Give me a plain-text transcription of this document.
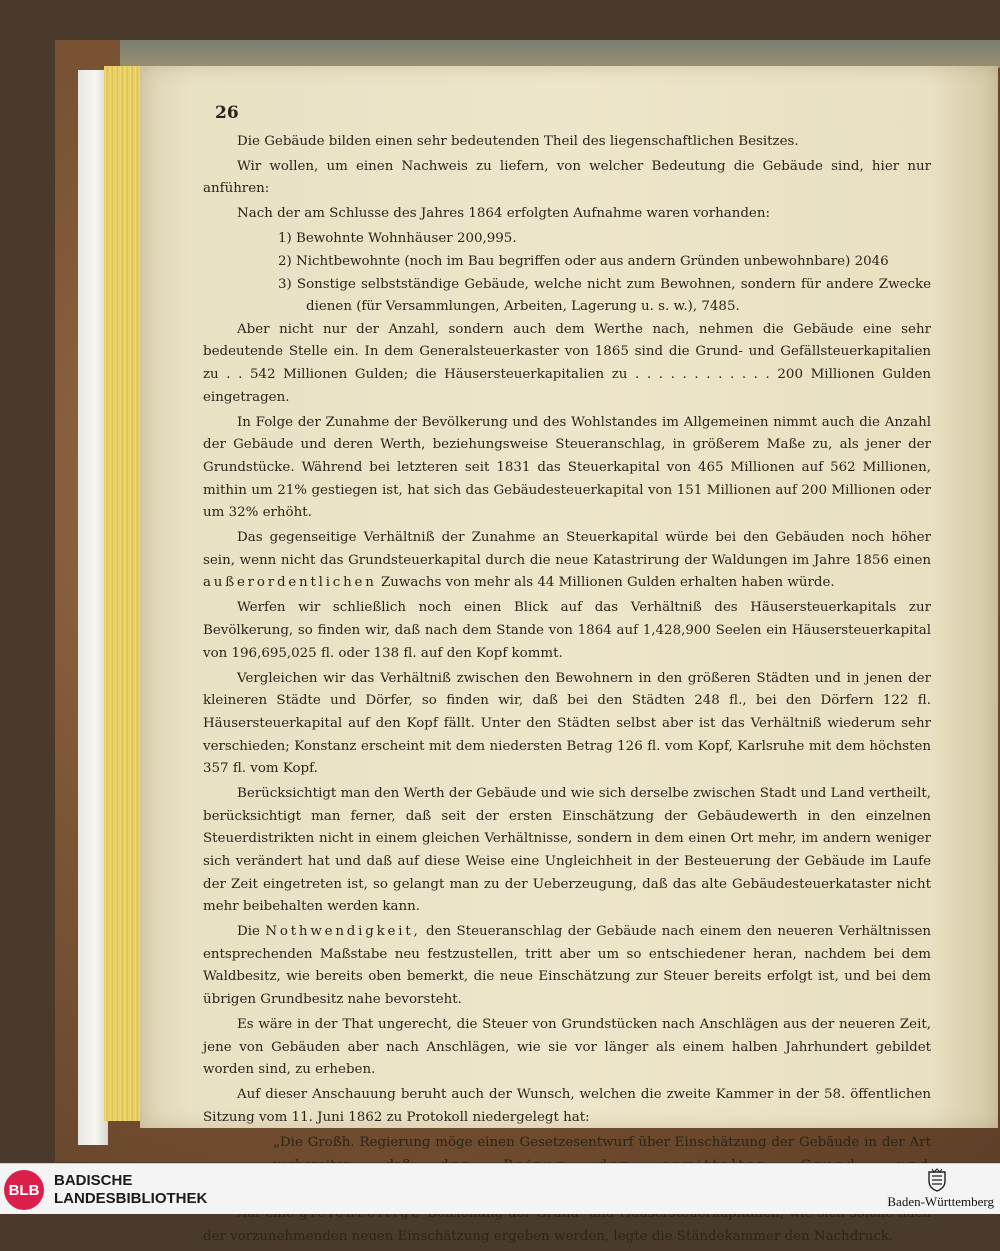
26

Die Gebäude bilden einen sehr bedeutenden Theil des liegenschaftlichen Besitzes.

Wir wollen, um einen Nachweis zu liefern, von welcher Bedeutung die Gebäude sind, hier nur anführen:

Nach der am Schlusse des Jahres 1864 erfolgten Aufnahme waren vorhanden:

1) Bewohnte Wohnhäuser 200,995.

2) Nichtbewohnte (noch im Bau begriffen oder aus andern Gründen unbewohnbare) 2046

3) Sonstige selbstständige Gebäude, welche nicht zum Bewohnen, sondern für andere Zwecke dienen (für Versammlungen, Arbeiten, Lagerung u. s. w.), 7485.

Aber nicht nur der Anzahl, sondern auch dem Werthe nach, nehmen die Gebäude eine sehr bedeutende Stelle ein. In dem Generalsteuerkaster von 1865 sind die Grund- und Gefällsteuerkapitalien zu . . 542 Millionen Gulden; die Häusersteuerkapitalien zu . . . . . . . . . . . . 200 Millionen Gulden eingetragen.

In Folge der Zunahme der Bevölkerung und des Wohlstandes im Allgemeinen nimmt auch die Anzahl der Gebäude und deren Werth, beziehungsweise Steueranschlag, in größerem Maße zu, als jener der Grundstücke. Während bei letzteren seit 1831 das Steuerkapital von 465 Millionen auf 562 Millionen, mithin um 21% gestiegen ist, hat sich das Gebäudesteuerkapital von 151 Millionen auf 200 Millionen oder um 32% erhöht.

Das gegenseitige Verhältniß der Zunahme an Steuerkapital würde bei den Gebäuden noch höher sein, wenn nicht das Grundsteuerkapital durch die neue Katastrirung der Waldungen im Jahre 1856 einen außerordentlichen Zuwachs von mehr als 44 Millionen Gulden erhalten haben würde.

Werfen wir schließlich noch einen Blick auf das Verhältniß des Häusersteuerkapitals zur Bevölkerung, so finden wir, daß nach dem Stande von 1864 auf 1,428,900 Seelen ein Häusersteuerkapital von 196,695,025 fl. oder 138 fl. auf den Kopf kommt.

Vergleichen wir das Verhältniß zwischen den Bewohnern in den größeren Städten und in jenen der kleineren Städte und Dörfer, so finden wir, daß bei den Städten 248 fl., bei den Dörfern 122 fl. Häusersteuerkapital auf den Kopf fällt. Unter den Städten selbst aber ist das Verhältniß wiederum sehr verschieden; Konstanz erscheint mit dem niedersten Betrag 126 fl. vom Kopf, Karlsruhe mit dem höchsten 357 fl. vom Kopf.

Berücksichtigt man den Werth der Gebäude und wie sich derselbe zwischen Stadt und Land vertheilt, berücksichtigt man ferner, daß seit der ersten Einschätzung der Gebäudewerth in den einzelnen Steuerdistrikten nicht in einem gleichen Verhältnisse, sondern in dem einen Ort mehr, im andern weniger sich verändert hat und daß auf diese Weise eine Ungleichheit in der Besteuerung der Gebäude im Laufe der Zeit eingetreten ist, so gelangt man zu der Ueberzeugung, daß das alte Gebäudesteuerkataster nicht mehr beibehalten werden kann.

Die Nothwendigkeit, den Steueranschlag der Gebäude nach einem den neueren Verhältnissen entsprechenden Maßstabe neu festzustellen, tritt aber um so entschiedener heran, nachdem bei dem Waldbesitz, wie bereits oben bemerkt, die neue Einschätzung zur Steuer bereits erfolgt ist, und bei dem übrigen Grundbesitz nahe bevorsteht.

Es wäre in der That ungerecht, die Steuer von Grundstücken nach Anschlägen aus der neueren Zeit, jene von Gebäuden aber nach Anschlägen, wie sie vor länger als einem halben Jahrhundert gebildet worden sind, zu erheben.

Auf dieser Anschauung beruht auch der Wunsch, welchen die zweite Kammer in der 58. öffentlichen Sitzung vom 11. Juni 1862 zu Protokoll niedergelegt hat:

„Die Großh. Regierung möge einen Gesetzesentwurf über Einschätzung der Gebäude in der Art

der vorzunehmenden neuen Einschätzung ergeben werden, legte die Ständekammer den Nachdruck.

BLB
BADISCHE
LANDESBIBLIOTHEK	Baden-Württemberg
